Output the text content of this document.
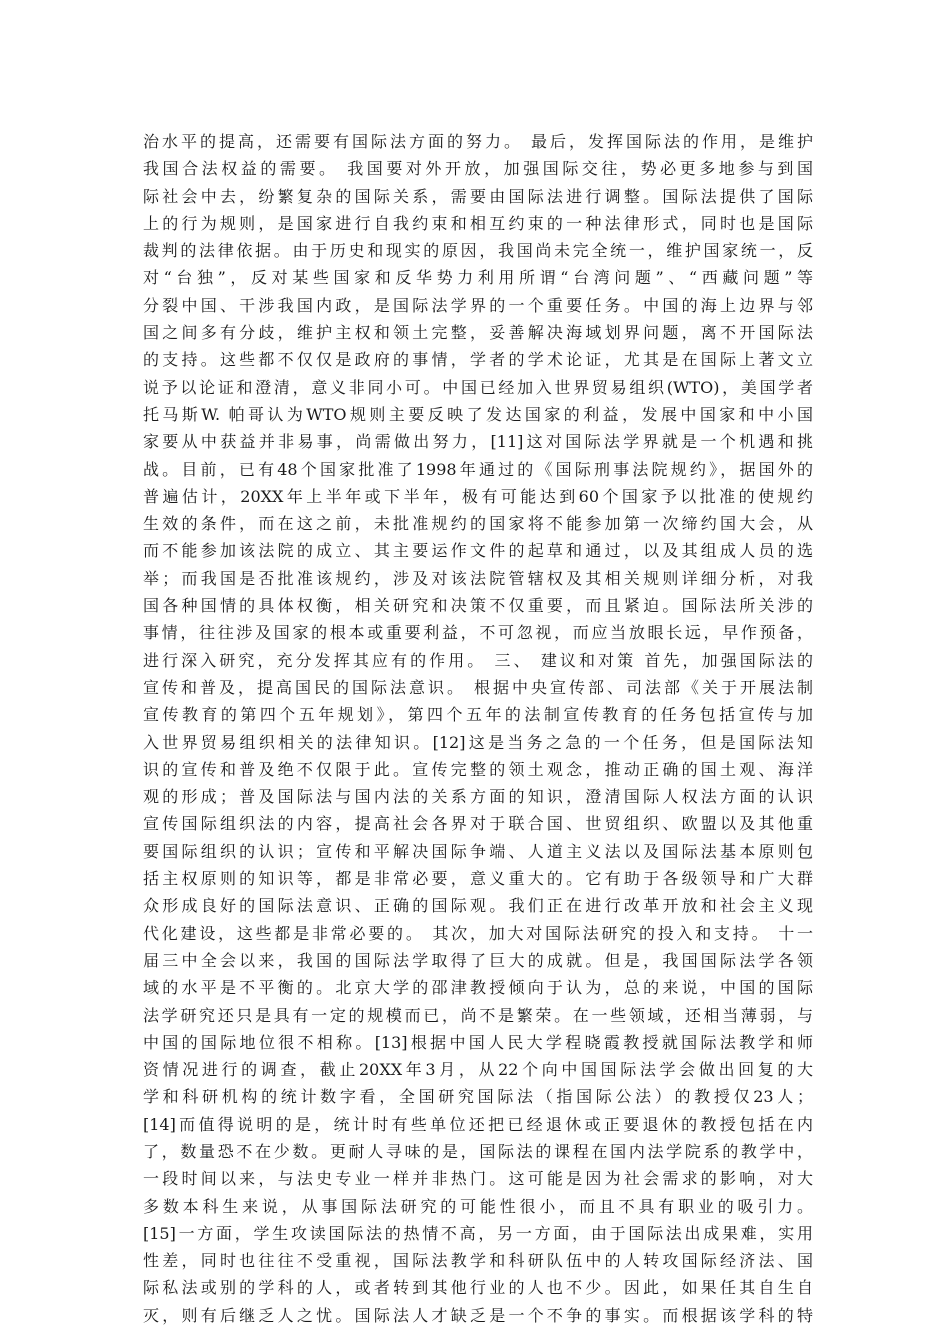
治水平的提高，还需要有国际法方面的努力。 最后，发挥国际法的作用，是维护
我国合法权益的需要。 我国要对外开放，加强国际交往，势必更多地参与到国
际社会中去，纷繁复杂的国际关系，需要由国际法进行调整。国际法提供了国际
上的行为规则，是国家进行自我约束和相互约束的一种法律形式，同时也是国际
裁判的法律依据。由于历史和现实的原因，我国尚未完全统一，维护国家统一，反
对“台独”，反对某些国家和反华势力利用所谓“台湾问题”、“西藏问题”等
分裂中国、干涉我国内政，是国际法学界的一个重要任务。中国的海上边界与邻
国之间多有分歧，维护主权和领土完整，妥善解决海域划界问题，离不开国际法
的支持。这些都不仅仅是政府的事情，学者的学术论证，尤其是在国际上著文立
说予以论证和澄清，意义非同小可。中国已经加入世界贸易组织(WTO)，美国学者
托马斯W. 帕哥认为WTO规则主要反映了发达国家的利益，发展中国家和中小国
家要从中获益并非易事，尚需做出努力，[11]这对国际法学界就是一个机遇和挑
战。目前，已有48个国家批准了1998年通过的《国际刑事法院规约》，据国外的
普遍估计，20XX年上半年或下半年，极有可能达到60个国家予以批准的使规约
生效的条件，而在这之前，未批准规约的国家将不能参加第一次缔约国大会，从
而不能参加该法院的成立、其主要运作文件的起草和通过，以及其组成人员的选
举；而我国是否批准该规约，涉及对该法院管辖权及其相关规则详细分析，对我
国各种国情的具体权衡，相关研究和决策不仅重要，而且紧迫。国际法所关涉的
事情，往往涉及国家的根本或重要利益，不可忽视，而应当放眼长远，早作预备，
进行深入研究，充分发挥其应有的作用。 三、 建议和对策 首先，加强国际法的
宣传和普及，提高国民的国际法意识。 根据中央宣传部、司法部《关于开展法制
宣传教育的第四个五年规划》，第四个五年的法制宣传教育的任务包括宣传与加
入世界贸易组织相关的法律知识。[12]这是当务之急的一个任务，但是国际法知
识的宣传和普及绝不仅限于此。宣传完整的领土观念，推动正确的国土观、海洋
观的形成；普及国际法与国内法的关系方面的知识，澄清国际人权法方面的认识
宣传国际组织法的内容，提高社会各界对于联合国、世贸组织、欧盟以及其他重
要国际组织的认识；宣传和平解决国际争端、人道主义法以及国际法基本原则包
括主权原则的知识等，都是非常必要，意义重大的。它有助于各级领导和广大群
众形成良好的国际法意识、正确的国际观。我们正在进行改革开放和社会主义现
代化建设，这些都是非常必要的。 其次，加大对国际法研究的投入和支持。 十一
届三中全会以来，我国的国际法学取得了巨大的成就。但是，我国国际法学各领
域的水平是不平衡的。北京大学的邵津教授倾向于认为，总的来说，中国的国际
法学研究还只是具有一定的规模而已，尚不是繁荣。在一些领域，还相当薄弱，与
中国的国际地位很不相称。[13]根据中国人民大学程晓霞教授就国际法教学和师
资情况进行的调查，截止20XX年3月，从22个向中国国际法学会做出回复的大
学和科研机构的统计数字看，全国研究国际法（指国际公法）的教授仅23人；
[14]而值得说明的是，统计时有些单位还把已经退休或正要退休的教授包括在内
了，数量恐不在少数。更耐人寻味的是，国际法的课程在国内法学院系的教学中，
一段时间以来，与法史专业一样并非热门。这可能是因为社会需求的影响，对大
多数本科生来说，从事国际法研究的可能性很小，而且不具有职业的吸引力。
[15]一方面，学生攻读国际法的热情不高，另一方面，由于国际法出成果难，实用
性差，同时也往往不受重视，国际法教学和科研队伍中的人转攻国际经济法、国
际私法或别的学科的人，或者转到其他行业的人也不少。因此，如果任其自生自
灭，则有后继乏人之忧。国际法人才缺乏是一个不争的事实。而根据该学科的特
